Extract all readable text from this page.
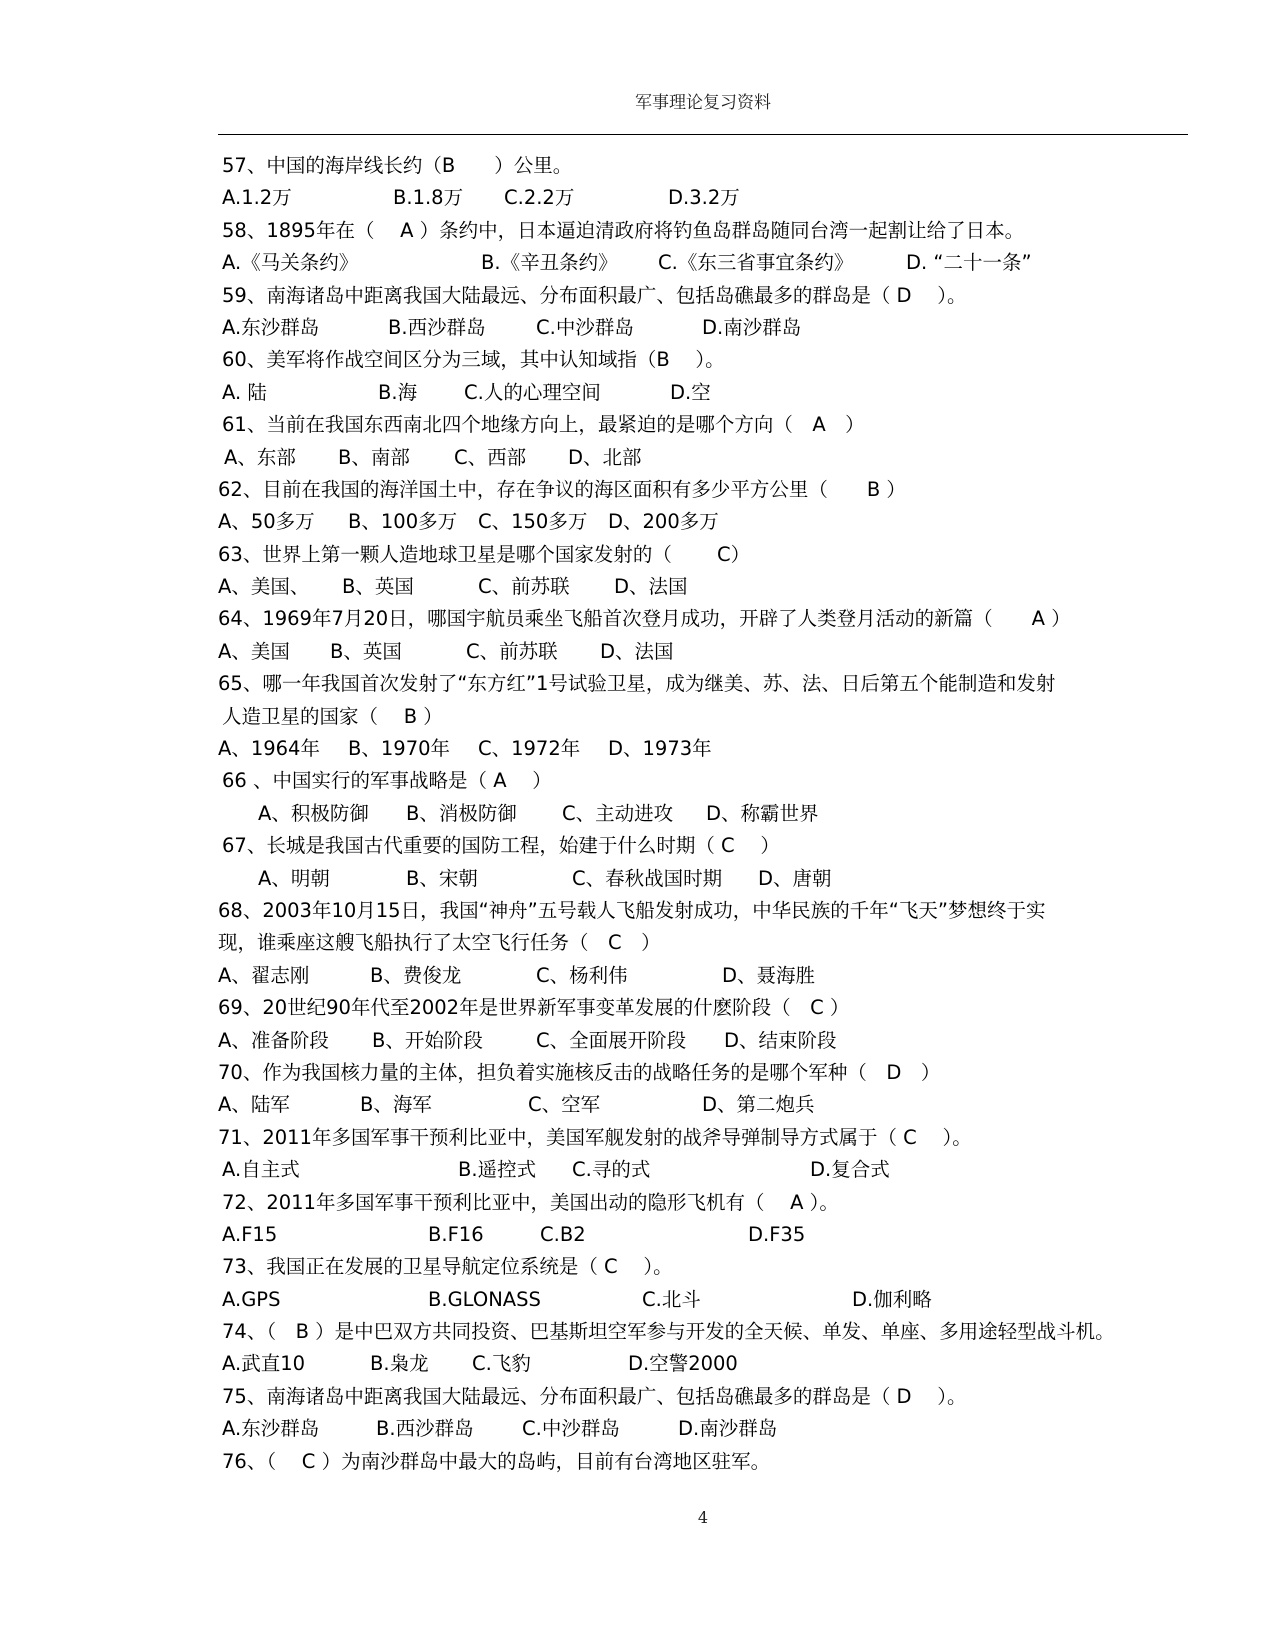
军事理论复习资料
57、中国的海岸线长约（B　　）公里。
A.1.2万	B.1.8万 C.2.2万	D.3.2万
58、1895年在（　 A ）条约中，日本逼迫清政府将钓鱼岛群岛随同台湾一起割让给了日本。
A.《马关条约》	B.《辛丑条约》 C.《东三省事宜条约》	D. “二十一条”
59、南海诸岛中距离我国大陆最远、分布面积最广、包括岛礁最多的群岛是（ D　 ）。
A.东沙群岛	B.西沙群岛	C.中沙群岛	D.南沙群岛
60、美军将作战空间区分为三域，其中认知域指（B　 ）。
A. 陆	B.海 C.人的心理空间	D.空
61、当前在我国东西南北四个地缘方向上，最紧迫的是哪个方向（　A　）
A、东部 B、南部 C、西部 D、北部
62、目前在我国的海洋国土中，存在争议的海区面积有多少平方公里（　　B ）
A、50多万 B、100多万 C、150多万 D、200多万
63、世界上第一颗人造地球卫星是哪个国家发射的（　　 C）
A、美国、 B、英国	C、前苏联 D、法国
64、1969年7月20日，哪国宇航员乘坐飞船首次登月成功，开辟了人类登月活动的新篇（　　A ）
A、美国 B、英国	C、前苏联 D、法国
65、哪一年我国首次发射了“东方红”1号试验卫星，成为继美、苏、法、日后第五个能制造和发射
人造卫星的国家（　 B ）
A、1964年 B、1970年 C、1972年 D、1973年
66 、中国实行的军事战略是（ A　 ）
A、积极防御 B、消极防御 C、主动进攻 D、称霸世界
67、长城是我国古代重要的国防工程，始建于什么时期（ C　 ）
A、明朝	B、宋朝	C、春秋战国时期 D、唐朝
68、2003年10月15日，我国“神舟”五号载人飞船发射成功，中华民族的千年“飞天”梦想终于实
现，谁乘座这艘飞船执行了太空飞行任务（　C　）
A、翟志刚	B、费俊龙	C、杨利伟	D、聂海胜
69、20世纪90年代至2002年是世界新军事变革发展的什麽阶段（　C ）
A、准备阶段 B、开始阶段	C、全面展开阶段 D、结束阶段
70、作为我国核力量的主体，担负着实施核反击的战略任务的是哪个军种（　D　）
A、陆军	B、海军	C、空军	D、第二炮兵
71、2011年多国军事干预利比亚中，美国军舰发射的战斧导弹制导方式属于（ C　 ）。
A.自主式	B.遥控式 C.寻的式	D.复合式
72、2011年多国军事干预利比亚中，美国出动的隐形飞机有（　 A ）。
A.F15	B.F16	C.B2	D.F35
73、我国正在发展的卫星导航定位系统是（ C　 ）。
A.GPS	B.GLONASS	C.北斗	D.伽利略
74、（　B ）是中巴双方共同投资、巴基斯坦空军参与开发的全天候、单发、单座、多用途轻型战斗机。
A.武直10	B.枭龙 C.飞豹	D.空警2000
75、南海诸岛中距离我国大陆最远、分布面积最广、包括岛礁最多的群岛是（ D　 ）。
A.东沙群岛	B.西沙群岛 C.中沙群岛	D.南沙群岛
76、（　 C ）为南沙群岛中最大的岛屿，目前有台湾地区驻军。
4
